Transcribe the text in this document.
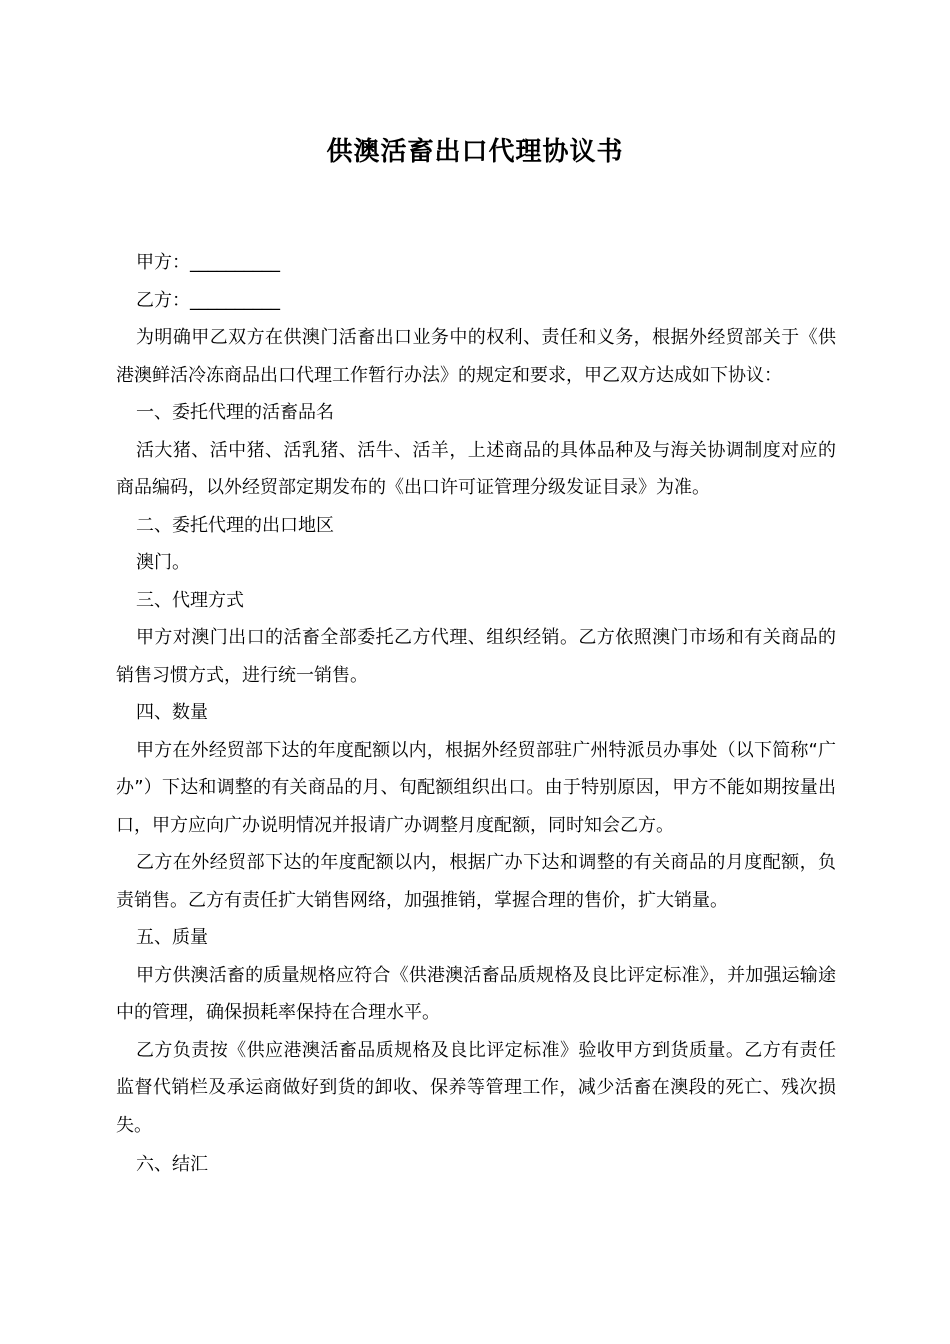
供澳活畜出口代理协议书

甲方：__________

乙方：__________

为明确甲乙双方在供澳门活畜出口业务中的权利、责任和义务，根据外经贸部关于《供港澳鲜活冷冻商品出口代理工作暂行办法》的规定和要求，甲乙双方达成如下协议：

一、委托代理的活畜品名

活大猪、活中猪、活乳猪、活牛、活羊，上述商品的具体品种及与海关协调制度对应的商品编码，以外经贸部定期发布的《出口许可证管理分级发证目录》为准。

二、委托代理的出口地区

澳门。

三、代理方式

甲方对澳门出口的活畜全部委托乙方代理、组织经销。乙方依照澳门市场和有关商品的销售习惯方式，进行统一销售。

四、数量

甲方在外经贸部下达的年度配额以内，根据外经贸部驻广州特派员办事处（以下简称“广办”）下达和调整的有关商品的月、旬配额组织出口。由于特别原因，甲方不能如期按量出口，甲方应向广办说明情况并报请广办调整月度配额，同时知会乙方。

乙方在外经贸部下达的年度配额以内，根据广办下达和调整的有关商品的月度配额，负责销售。乙方有责任扩大销售网络，加强推销，掌握合理的售价，扩大销量。

五、质量

甲方供澳活畜的质量规格应符合《供港澳活畜品质规格及良比评定标准》，并加强运输途中的管理，确保损耗率保持在合理水平。

乙方负责按《供应港澳活畜品质规格及良比评定标准》验收甲方到货质量。乙方有责任监督代销栏及承运商做好到货的卸收、保养等管理工作，减少活畜在澳段的死亡、残次损失。

六、结汇
